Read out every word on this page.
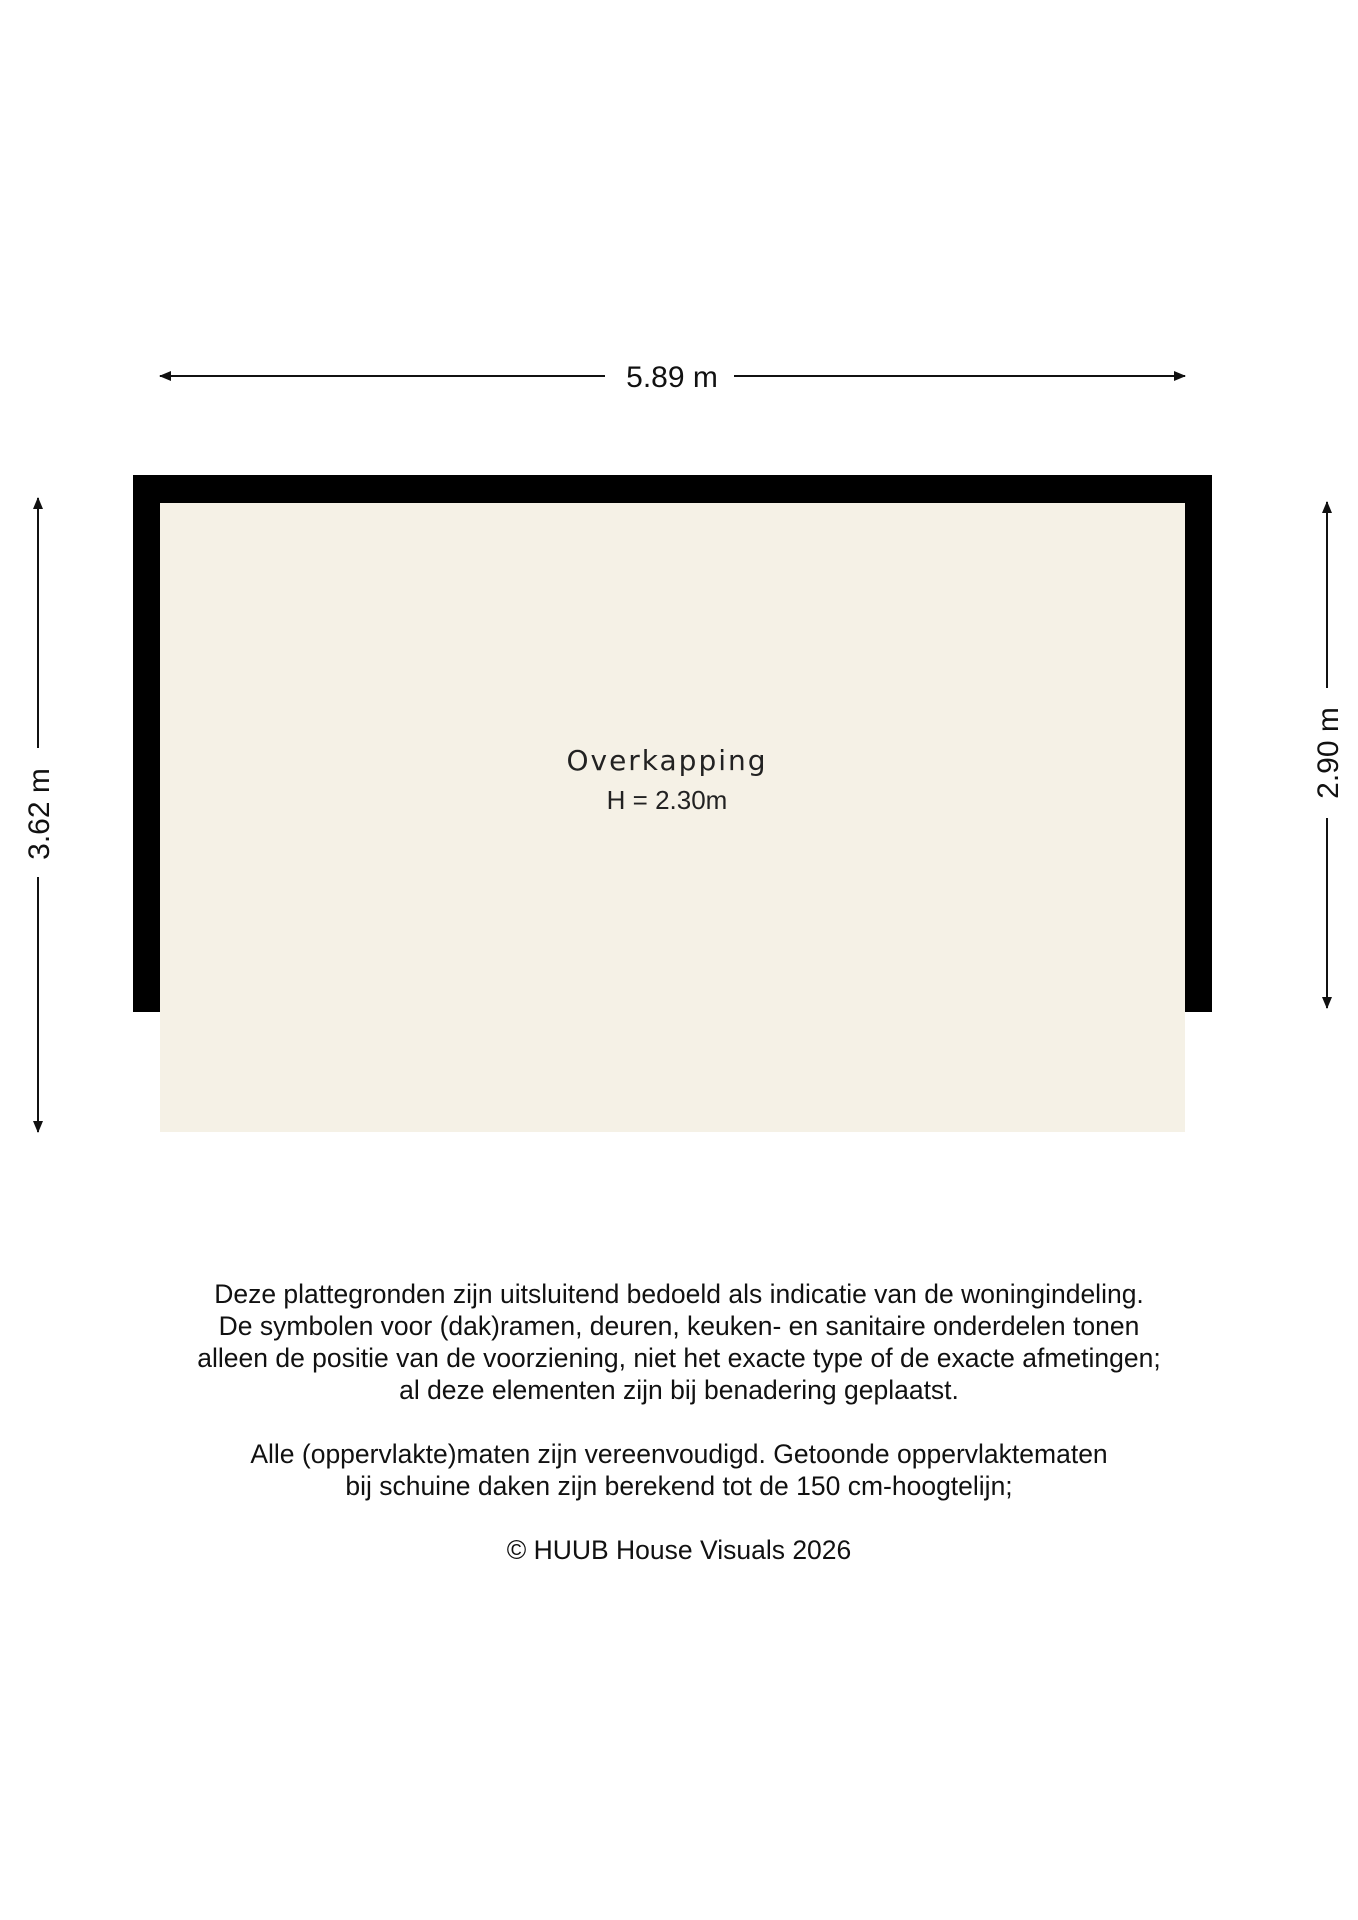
5.89 m
3.62 m
2.90 m
Overkapping
H = 2.30m

Deze plattegronden zijn uitsluitend bedoeld als indicatie van de woningindeling.

De symbolen voor (dak)ramen, deuren, keuken- en sanitaire onderdelen tonen

alleen de positie van de voorziening, niet het exacte type of de exacte afmetingen;

al deze elementen zijn bij benadering geplaatst.

Alle (oppervlakte)maten zijn vereenvoudigd. Getoonde oppervlaktematen

bij schuine daken zijn berekend tot de 150 cm-hoogtelijn;

© HUUB House Visuals 2026
